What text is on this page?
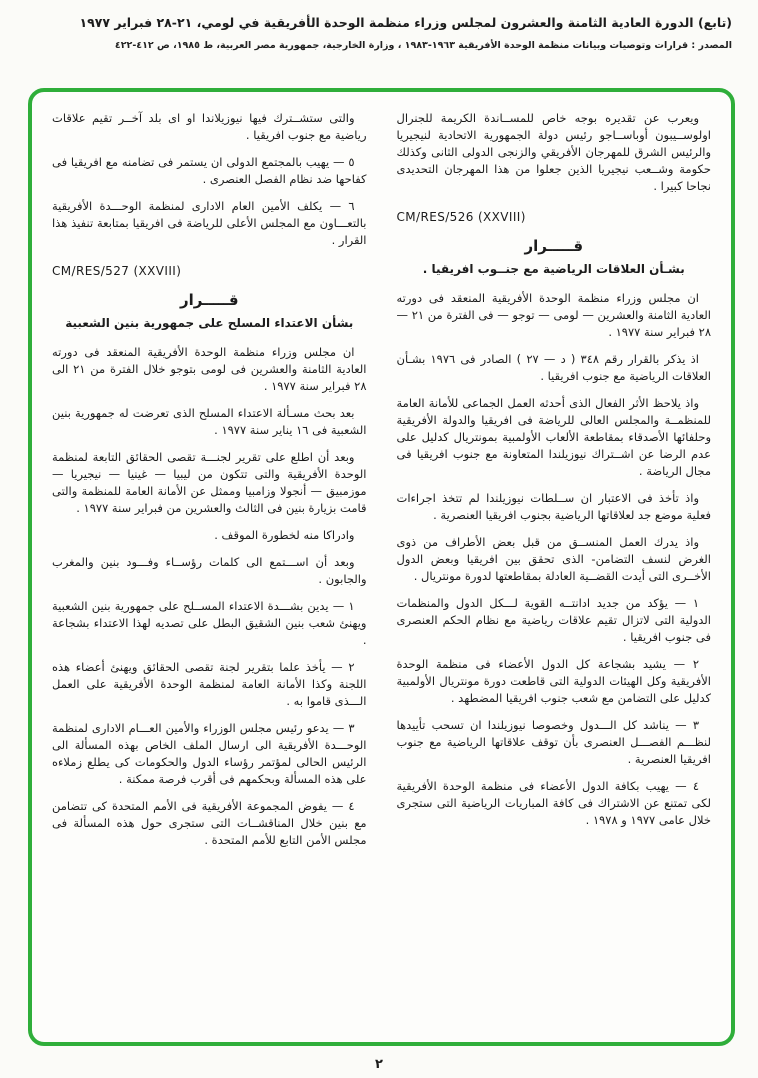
(تابع) الدورة العادية الثامنة والعشرون لمجلس وزراء منظمة الوحدة الأفريقية في لومي، ٢١-٢٨ فبراير ١٩٧٧
المصدر : قرارات وتوصيات وبيانات منظمة الوحدة الأفريقية ١٩٦٣-١٩٨٣ ، وزارة الخارجية، جمهورية مصر العربية، ط ١٩٨٥، ص ٤١٢-٤٢٢

ويعرب عن تقديره بوجه خاص للمســاندة الكريمة للجنرال اولوســيبون أوباســاجو رئيس دولة الجمهورية الاتحادية لنيجيريا والرئيس الشرق للمهرجان الأفريقي والزنجى الدولى الثانى وكذلك حكومة وشــعب نيجيريا الذين جعلوا من هذا المهرجان التحديدى نجاحا كبيرا .

CM/RES/526 (XXVIII)
قـــــرار
بشـأن العلاقات الرياضية مع جنــوب افريقيا .

ان مجلس وزراء منظمة الوحدة الأفريقية المنعقد فى دورته العادية الثامنة والعشرين — لومى — توجو — فى الفترة من ٢١ — ٢٨ فبراير سنة ١٩٧٧ .

اذ يذكر بالقرار رقم ٣٤٨ ( د — ٢٧ ) الصادر فى ١٩٧٦ بشـأن العلاقات الرياضية مع جنوب افريقيا .

واذ يلاحظ الأثر الفعال الذى أحدثه العمل الجماعى للأمانة العامة للمنظمــة والمجلس العالى للرياضة فى افريقيا والدولة الأفريقية وحلفائها الأصدقاء بمقاطعة الألعاب الأولمبية بمونتريال كدليل على عدم الرضا عن اشــتراك نيوزيلندا المتعاونة مع جنوب افريقيا فى مجال الرياضة .

واذ تأخذ فى الاعتبار ان ســلطات نيوزيلندا لم تتخذ اجراءات فعلية موضع جد لعلاقاتها الرياضية بجنوب افريقيا العنصرية .

واذ يدرك العمل المنســق من قبل بعض الأطراف من ذوى الغرض لنسف التضامن- الذى تحقق بين افريقيا وبعض الدول الأخــرى التى أيدت القضــية العادلة بمقاطعتها لدورة مونتريال .

١ — يؤكد من جديد ادانتــه القوية لـــكل الدول والمنظمات الدولية التى لاتزال تقيم علاقات رياضية مع نظام الحكم العنصرى فى جنوب افريقيا .

٢ — يشيد بشجاعة كل الدول الأعضاء فى منظمة الوحدة الأفريقية وكل الهيئات الدولية التى قاطعت دورة مونتريال الأولمبية كدليل على التضامن مع شعب جنوب افريقيا المضطهد .

٣ — يناشد كل الـــدول وخصوصا نيوزيلندا ان تسحب تأييدها لنظـــم الفصـــل العنصرى بأن توقف علاقاتها الرياضية مع جنوب افريقيا العنصرية .

٤ — يهيب بكافة الدول الأعضاء فى منظمة الوحدة الأفريقية لكى تمتنع عن الاشتراك فى كافة المباريات الرياضية التى ستجرى خلال عامى ١٩٧٧ و ١٩٧٨ .

والتى ستشــترك فيها نيوزيلاندا او اى بلد آخــر تقيم علاقات رياضية مع جنوب افريقيا .

٥ — يهيب بالمجتمع الدولى ان يستمر فى تضامنه مع افريقيا فى كفاحها ضد نظام الفصل العنصرى .

٦ — يكلف الأمين العام الادارى لمنظمة الوحـــدة الأفريقية بالتعـــاون مع المجلس الأعلى للرياضة فى افريقيا بمتابعة تنفيذ هذا القرار .

CM/RES/527 (XXVIII)
قـــــرار
بشأن الاعتداء المسلح على جمهورية بنين الشعبية

ان مجلس وزراء منظمة الوحدة الأفريقية المنعقد فى دورته العادية الثامنة والعشرين فى لومى بتوجو خلال الفترة من ٢١ الى ٢٨ فبراير سنة ١٩٧٧ .

بعد بحث مسـألة الاعتداء المسلح الذى تعرضت له جمهورية بنين الشعبية فى ١٦ يناير سنة ١٩٧٧ .

وبعد أن اطلع على تقرير لجنـــة تقصى الحقائق التابعة لمنظمة الوحدة الأفريقية والتى تتكون من ليبيا — غينيا — نيجيريا — موزمبيق — أنجولا وزامبيا وممثل عن الأمانة العامة للمنظمة والتى قامت بزيارة بنين فى الثالث والعشرين من فبراير سنة ١٩٧٧ .

وادراكا منه لخطورة الموقف .

وبعد أن اســـتمع الى كلمات رؤســاء وفـــود بنين والمغرب والجابون .

١ — يدين بشـــدة الاعتداء المســلح على جمهورية بنين الشعبية ويهنئ شعب بنين الشقيق البطل على تصديه لهذا الاعتداء بشجاعة .

٢ — يأخذ علما بتقرير لجنة تقصى الحقائق ويهنئ أعضاء هذه اللجنة وكذا الأمانة العامة لمنظمة الوحدة الأفريقية على العمل الـــذى قاموا به .

٣ — يدعو رئيس مجلس الوزراء والأمين العـــام الادارى لمنظمة الوحـــدة الأفريقية الى ارسال الملف الخاص بهذه المسألة الى الرئيس الحالى لمؤتمر رؤساء الدول والحكومات كى يطلع زملاءه على هذه المسألة وبحكمهم فى أقرب فرصة ممكنة .

٤ — يفوض المجموعة الأفريقية فى الأمم المتحدة كى تتضامن مع بنين خلال المناقشــات التى ستجرى حول هذه المسألة فى مجلس الأمن التابع للأمم المتحدة .

٢
